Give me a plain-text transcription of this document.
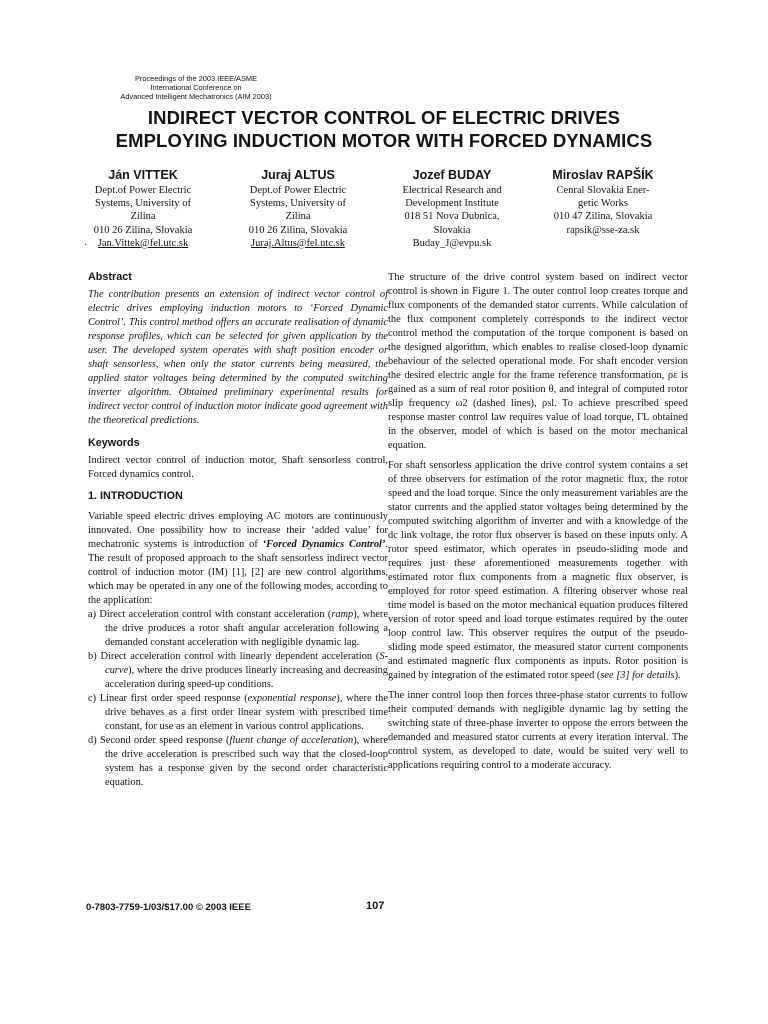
Proceedings of the 2003 IEEE/ASME
International Conference on
Advanced Intelligent Mechatronics (AIM 2003)
INDIRECT VECTOR CONTROL OF ELECTRIC DRIVES
EMPLOYING INDUCTION MOTOR WITH FORCED DYNAMICS
Ján VITTEK
Dept.of Power Electric
Systems, University of
Zilina
010 26 Zilina, Slovakia
Jan.Vittek@fel.utc.sk
Juraj ALTUS
Dept.of Power Electric
Systems, University of
Zilina
010 26 Zilina, Slovakia
Juraj.Altus@fel.utc.sk
Jozef BUDAY
Electrical Research and
Development Institute
018 51 Nova Dubnica,
Slovakia
Buday_J@evpu.sk
Miroslav RAPŠÍK
Cenral Slovakia Ener-
getic Works
010 47 Zilina, Slovakia
rapsik@sse-za.sk
·

Abstract

The contribution presents an extension of indirect vector control of electric drives employing induction motors to ‘Forced Dynamic Control’. This control method offers an accurate realisation of dynamic response profiles, which can be selected for given application by the user. The developed system operates with shaft position encoder or shaft sensorless, when only the stator currents being measured, the applied stator voltages being determined by the computed switching inverter algorithm. Obtained preliminary experimental results for indirect vector control of induction motor indicate good agreement with the theoretical predictions.

Keywords

Indirect vector control of induction motor, Shaft sensorless control, Forced dynamics control.

1. INTRODUCTION

Variable speed electric drives employing AC motors are continuously innovated. One possibility how to increase their ‘added value’ for mechatronic systems is introduction of ‘Forced Dynamics Control’. The result of proposed approach to the shaft sensorless indirect vector control of induction motor (IM) [1], [2] are new control algorithms, which may be operated in any one of the following modes, according to the application:

a) Direct acceleration control with constant acceleration (ramp), where the drive produces a rotor shaft angular acceleration following a demanded constant acceleration with negligible dynamic lag.

b) Direct acceleration control with linearly dependent acceleration (S-curve), where the drive produces linearly increasing and decreasing acceleration during speed-up conditions.

c) Linear first order speed response (exponential response), where the drive behaves as a first order linear system with prescribed time constant, for use as an element in various control applications.

d) Second order speed response (fluent change of acceleration), where the drive acceleration is prescribed such way that the closed-loop system has a response given by the second order characteristic equation.

The structure of the drive control system based on indirect vector control is shown in Figure 1. The outer control loop creates torque and flux components of the demanded stator currents. While calculation of the flux component completely corresponds to the indirect vector control method the computation of the torque component is based on the designed algorithm, which enables to realise closed-loop dynamic behaviour of the selected operational mode. For shaft encoder version the desired electric angle for the frame reference transformation, ρε is gained as a sum of real rotor position θ, and integral of computed rotor slip frequency ω2 (dashed lines), ρsl. To achieve prescribed speed response master control law requires value of load torque, ΓL obtained in the observer, model of which is based on the motor mechanical equation.

For shaft sensorless application the drive control system contains a set of three observers for estimation of the rotor magnetic flux, the rotor speed and the load torque. Since the only measurement variables are the stator currents and the applied stator voltages being determined by the computed switching algorithm of inverter and with a knowledge of the dc link voltage, the rotor flux observer is based on these inputs only. A rotor speed estimator, which operates in pseudo-sliding mode and requires just these aforementioned measurements together with estimated rotor flux components from a magnetic flux observer, is employed for rotor speed estimation. A filtering observer whose real time model is based on the motor mechanical equation produces filtered version of rotor speed and load torque estimates required by the outer loop control law. This observer requires the output of the pseudo-sliding mode speed estimator, the measured stator current components and estimated magnetic flux components as inputs. Rotor position is gained by integration of the estimated rotor speed (see [3] for details).

The inner control loop then forces three-phase stator currents to follow their computed demands with negligible dynamic lag by setting the switching state of three-phase inverter to oppose the errors between the demanded and measured stator currents at every iteration interval. The control system, as developed to date, would be suited very well to applications requiring control to a moderate accuracy.

0-7803-7759-1/03/$17.00 © 2003 IEEE	107
